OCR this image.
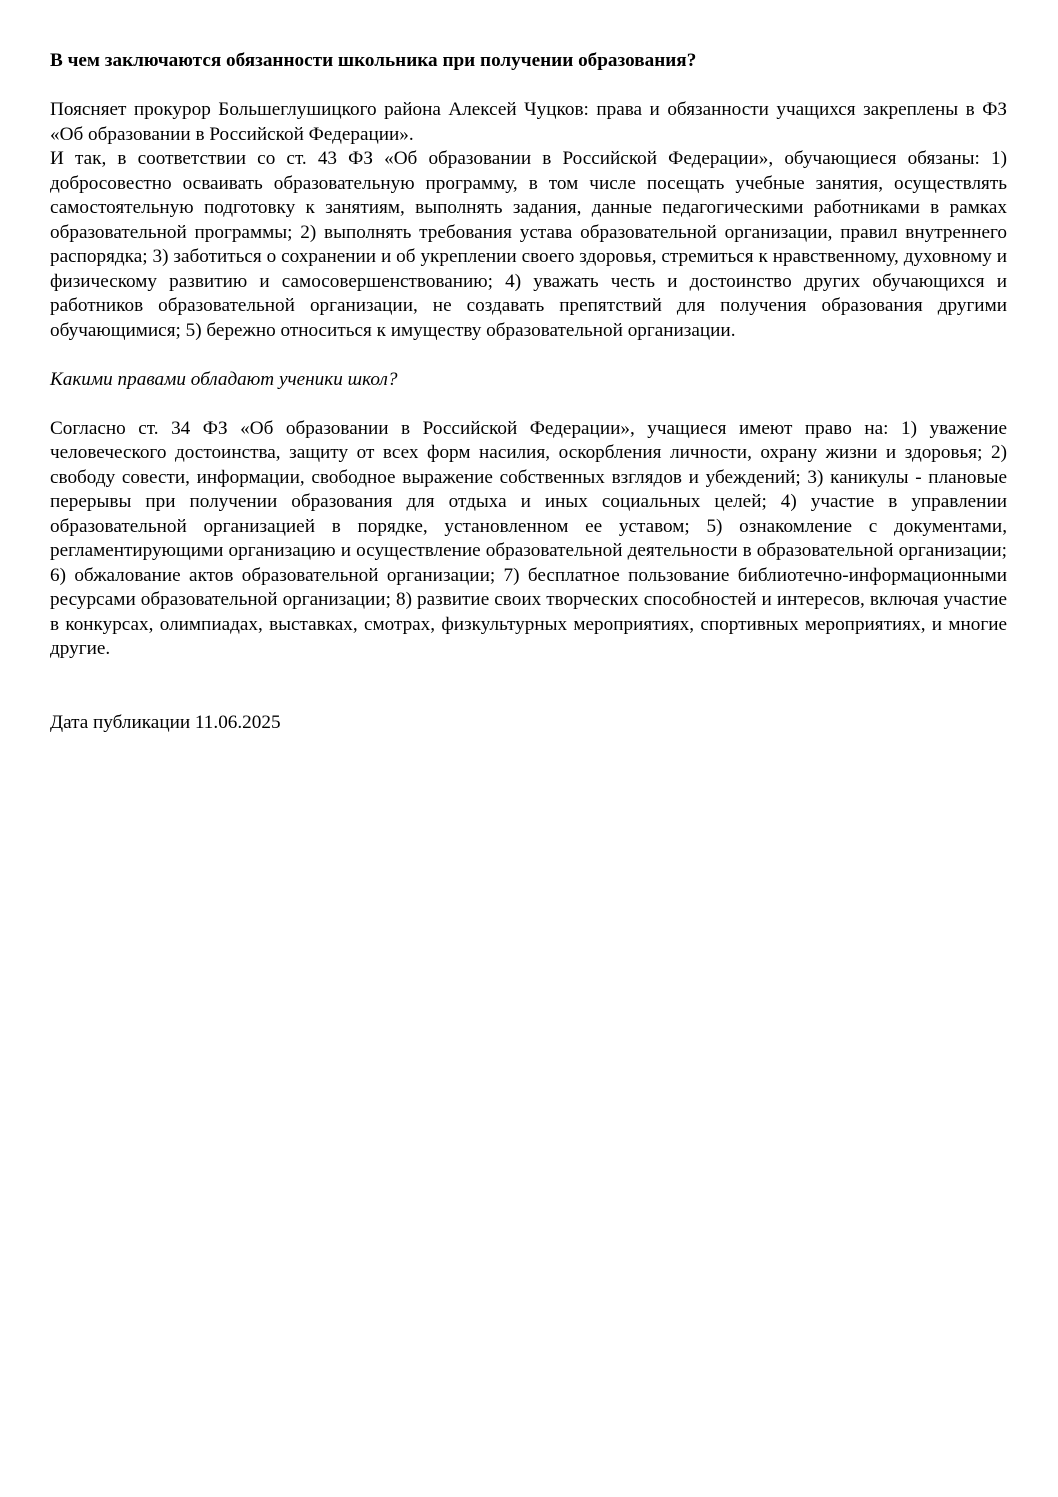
В чем заключаются обязанности школьника при получении образования?

Поясняет прокурор Большеглушицкого района Алексей Чуцков: права и обязанности учащихся закреплены в ФЗ «Об образовании в Российской Федерации».

И так, в соответствии со ст. 43 ФЗ «Об образовании в Российской Федерации», обучающиеся обязаны: 1) добросовестно осваивать образовательную программу, в том числе посещать учебные занятия, осуществлять самостоятельную подготовку к занятиям, выполнять задания, данные педагогическими работниками в рамках образовательной программы; 2) выполнять требования устава образовательной организации, правил внутреннего распорядка; 3) заботиться о сохранении и об укреплении своего здоровья, стремиться к нравственному, духовному и физическому развитию и самосовершенствованию; 4) уважать честь и достоинство других обучающихся и работников образовательной организации, не создавать препятствий для получения образования другими обучающимися; 5) бережно относиться к имуществу образовательной организации.

Какими правами обладают ученики школ?

Согласно ст. 34 ФЗ «Об образовании в Российской Федерации», учащиеся имеют право на: 1) уважение человеческого достоинства, защиту от всех форм насилия, оскорбления личности, охрану жизни и здоровья; 2) свободу совести, информации, свободное выражение собственных взглядов и убеждений; 3) каникулы - плановые перерывы при получении образования для отдыха и иных социальных целей; 4) участие в управлении образовательной организацией в порядке, установленном ее уставом; 5) ознакомление с документами, регламентирующими организацию и осуществление образовательной деятельности в образовательной организации; 6) обжалование актов образовательной организации; 7) бесплатное пользование библиотечно-информационными ресурсами образовательной организации; 8) развитие своих творческих способностей и интересов, включая участие в конкурсах, олимпиадах, выставках, смотрах, физкультурных мероприятиях, спортивных мероприятиях, и многие другие.

Дата публикации 11.06.2025
